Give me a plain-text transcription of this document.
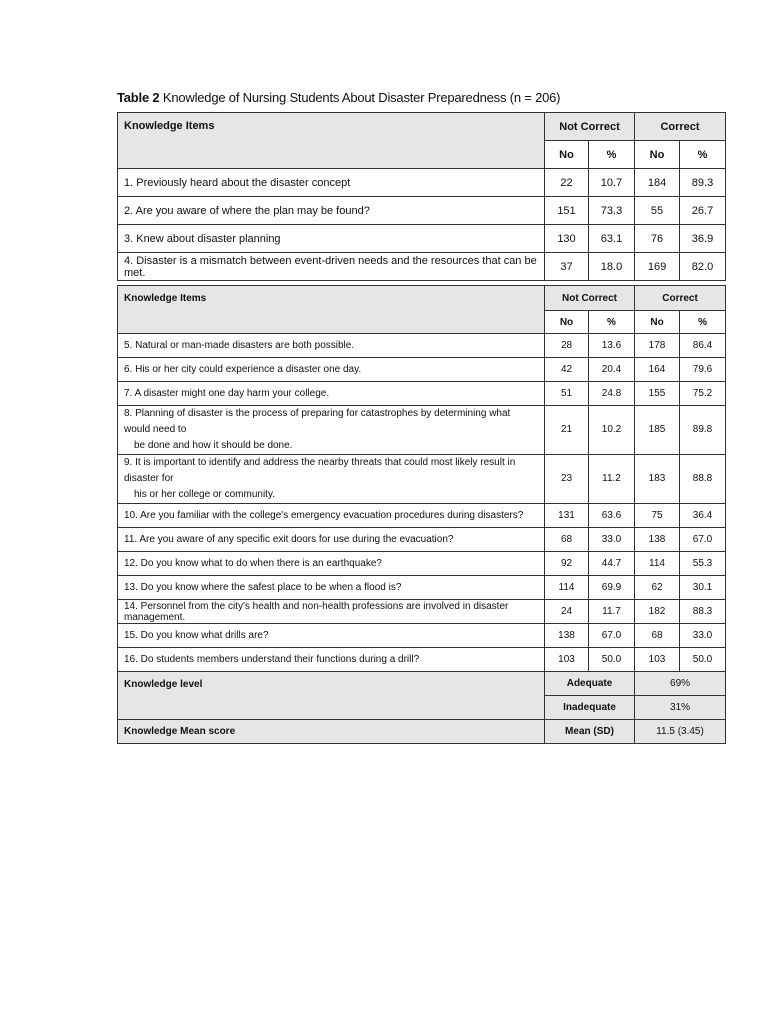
Table 2 Knowledge of Nursing Students About Disaster Preparedness (n = 206)
Knowledge Items	Not Correct		Correct	
	No	%	No	%
1. Previously heard about the disaster concept	22	10.7	184	89.3
2. Are you aware of where the plan may be found?	151	73.3	55	26.7
3. Knew about disaster planning	130	63.1	76	36.9
4. Disaster is a mismatch between event-driven needs and the resources that can be met.	37	18.0	169	82.0
Knowledge Items	Not Correct		Correct	
	No	%	No	%
5. Natural or man-made disasters are both possible.	28	13.6	178	86.4
6. His or her city could experience a disaster one day.	42	20.4	164	79.6
7. A disaster might one day harm your college.	51	24.8	155	75.2

8. Planning of disaster is the process of preparing for catastrophes by determining what would need to
be done and how it should be done.	21	10.2	185	89.8

9. It is important to identify and address the nearby threats that could most likely result in disaster for
his or her college or community.	23	11.2	183	88.8
10. Are you familiar with the college's emergency evacuation procedures during disasters?	131	63.6	75	36.4
11. Are you aware of any specific exit doors for use during the evacuation?	68	33.0	138	67.0
12. Do you know what to do when there is an earthquake?	92	44.7	114	55.3
13. Do you know where the safest place to be when a flood is?	114	69.9	62	30.1
14. Personnel from the city's health and non-health professions are involved in disaster management.	24	11.7	182	88.3
15. Do you know what drills are?	138	67.0	68	33.0
16. Do students members understand their functions during a drill?	103	50.0	103	50.0
Knowledge level	Adequate		69%	
	Inadequate		31%	
Knowledge Mean score	Mean (SD)		11.5 (3.45)	
